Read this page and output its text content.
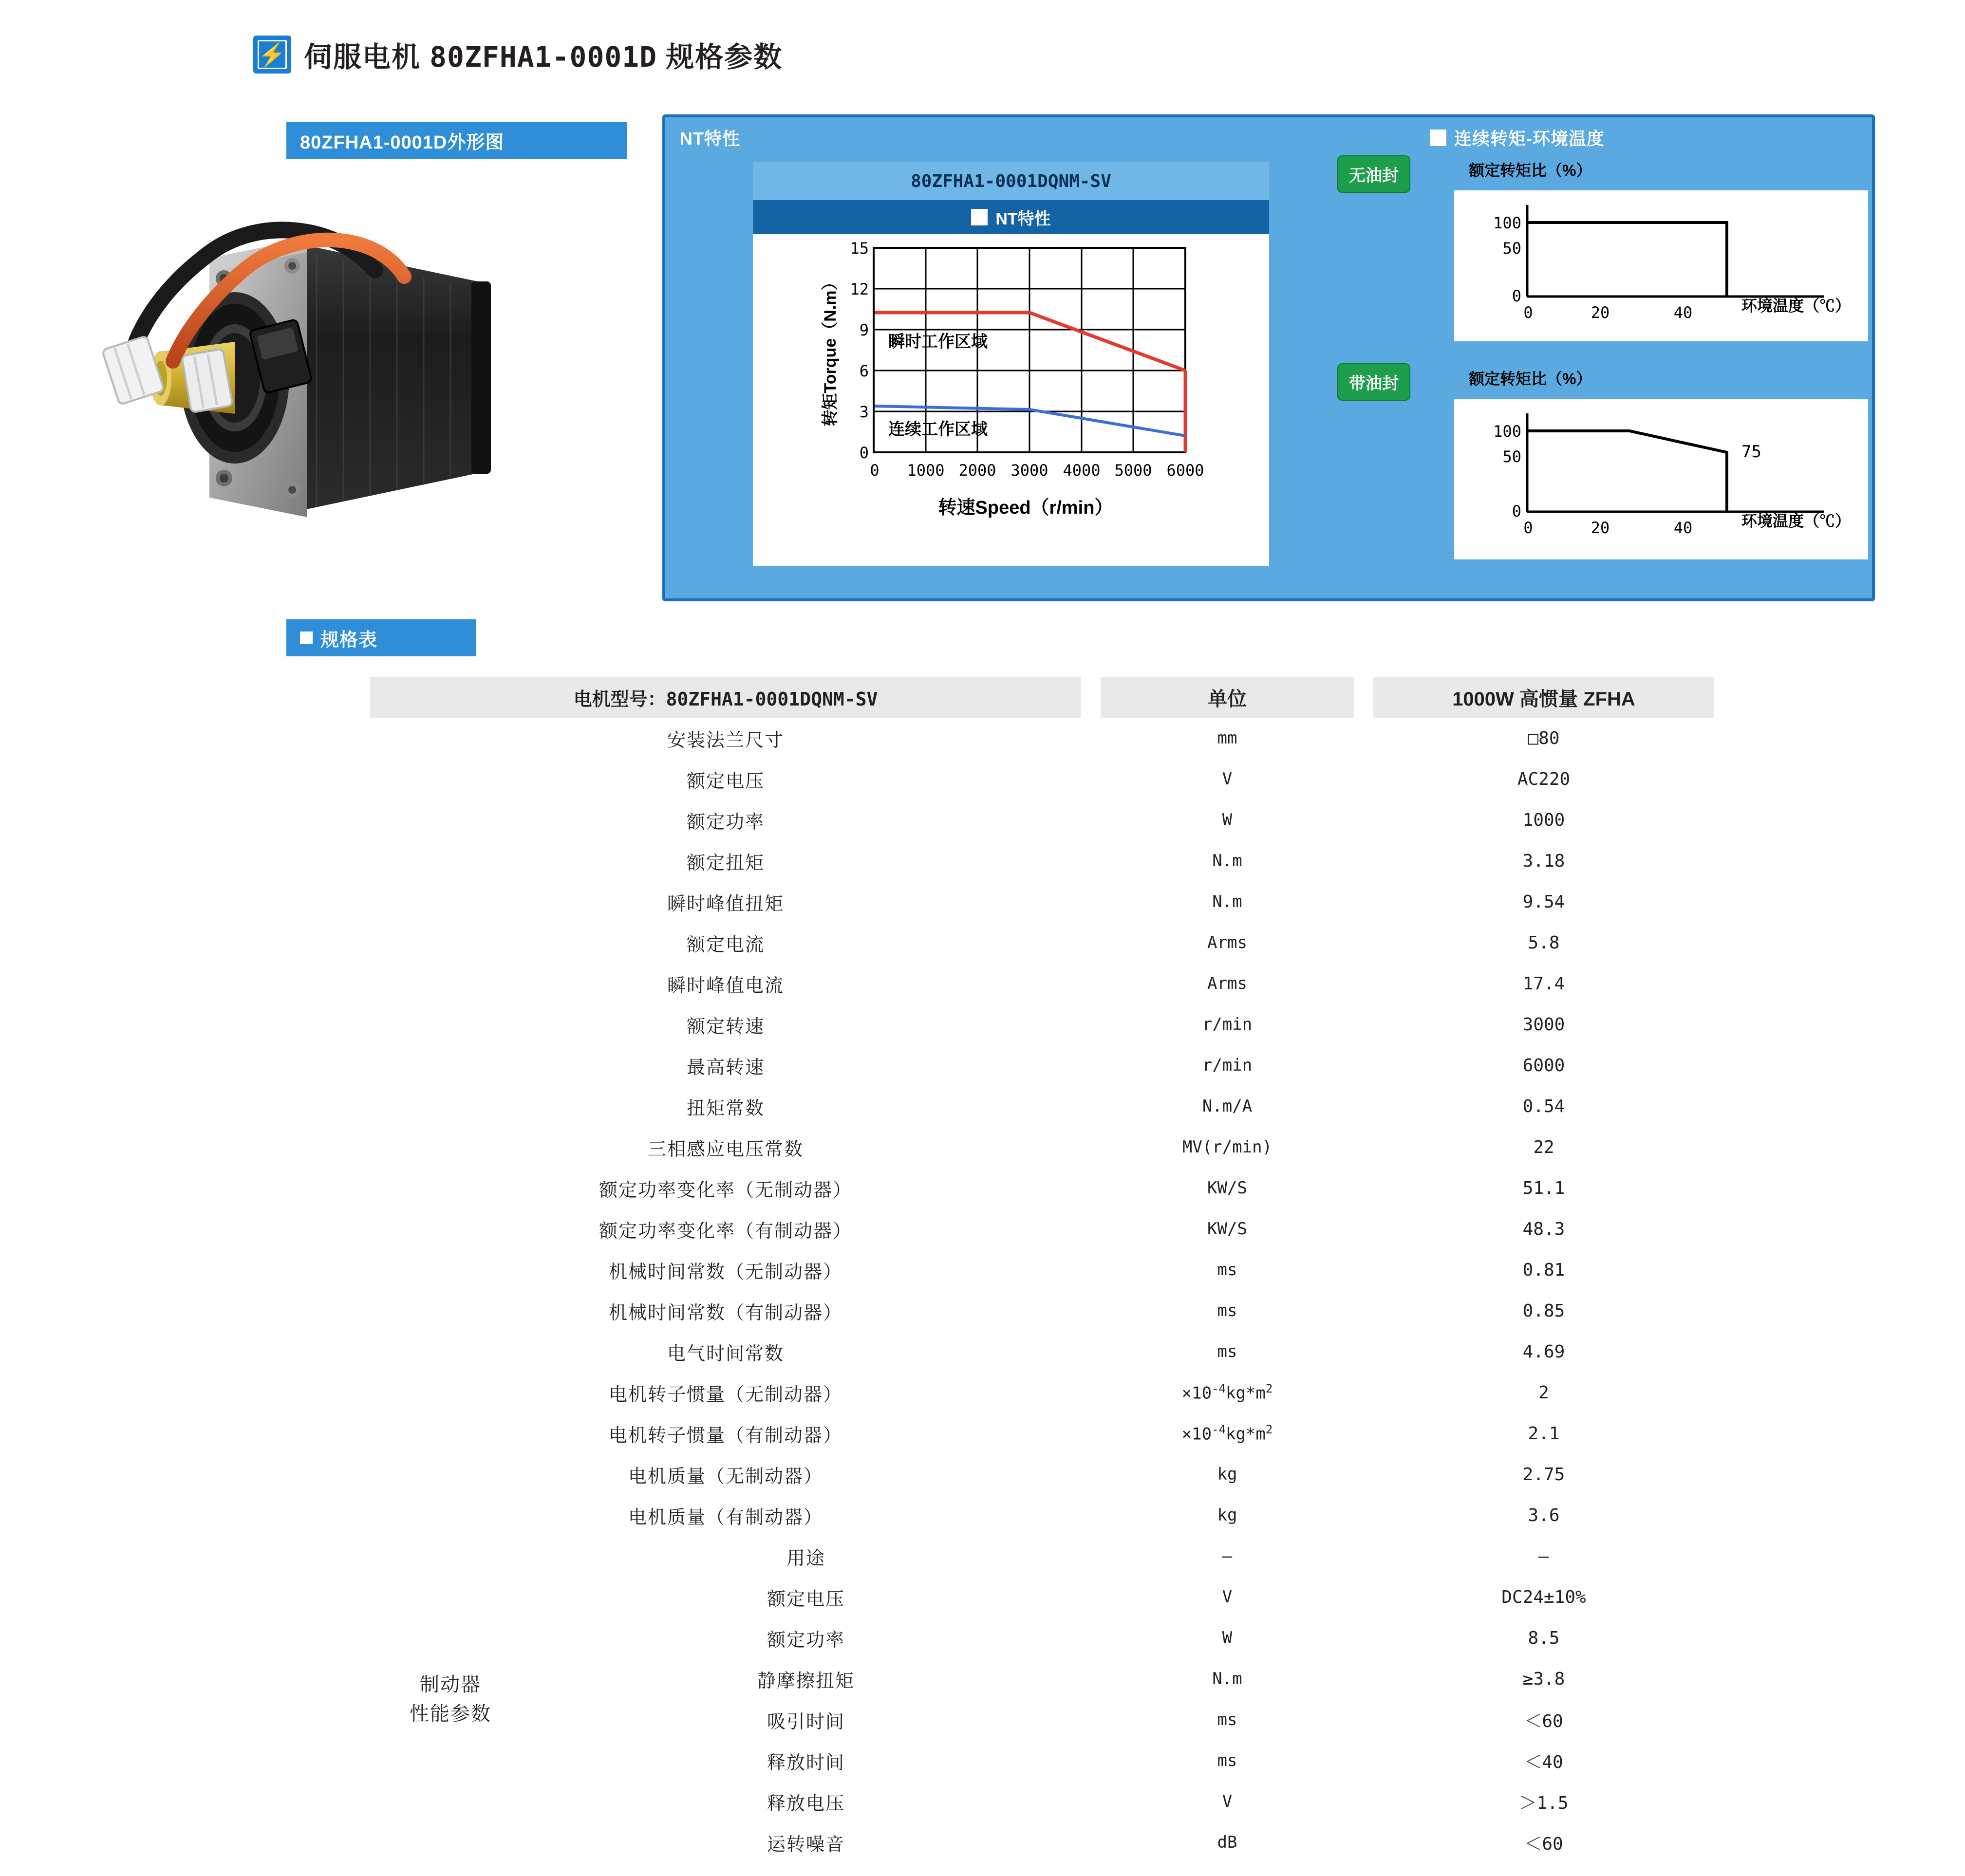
⚡ 伺服电机 80ZFHA1-0001D 规格参数
80ZFHA1-0001D外形图	NT特性	连续转矩-环境温度
80ZFHA1-0001DQNM-SV
NT特性
15
12
9
6
3
0
0 1000 2000 3000 4000 5000 6000
瞬时工作区域
连续工作区域
转矩Torque（N.m）
转速Speed（r/min）
无油封	额定转矩比（%）
100
50
0
0	20	40	环境温度（℃）
带油封	额定转矩比（%）
100
50
0
0	20	40
75
环境温度（℃）
规格表
电机型号：80ZFHA1-0001DQNM-SV			单位		1000W 高惯量 ZFHA
安装法兰尺寸			mm		□80
额定电压			V		AC220
额定功率			W		1000
额定扭矩			N.m		3.18
瞬时峰值扭矩			N.m		9.54
额定电流			Arms		5.8
瞬时峰值电流			Arms		17.4
额定转速			r/min		3000
最高转速			r/min		6000
扭矩常数			N.m/A		0.54
三相感应电压常数			MV(r/min)		22
额定功率变化率（无制动器）			KW/S		51.1
额定功率变化率（有制动器）			KW/S		48.3
机械时间常数（无制动器）			ms		0.81
机械时间常数（有制动器）			ms		0.85
电气时间常数			ms		4.69
电机转子惯量（无制动器）			$\times 10^{-4}kg*m^2$		2
电机转子惯量（有制动器）			$\times 10^{-4}kg*m^2$		2.1
电机质量（无制动器）			kg		2.75
电机质量（有制动器）			kg		3.6
制动器
性能参数	用途		—		—
	额定电压		V		DC24±10%
	额定功率		W		8.5
	静摩擦扭矩		N.m		≥3.8
	吸引时间		ms		＜60
	释放时间		ms		＜40
	释放电压		V		＞1.5
	运转噪音		dB		＜60
